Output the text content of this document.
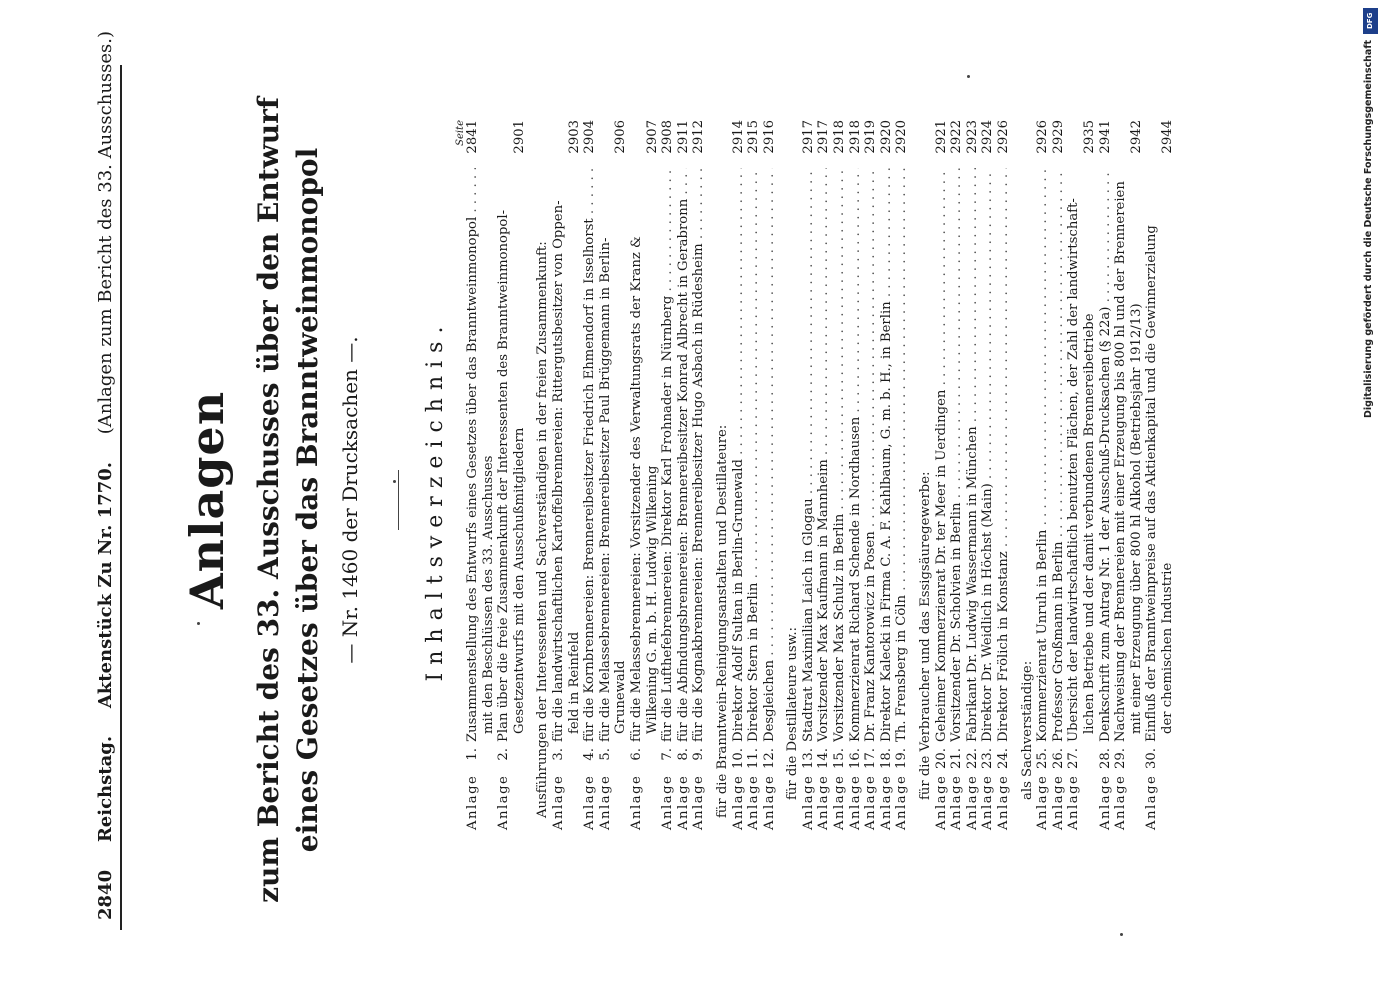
2840 Reichstag. Aktenstück Zu Nr. 1770. (Anlagen zum Bericht des 33. Ausschusses.)
Anlagen zum Bericht des 33. Ausschusses über den Entwurf eines Gesetzes über das Branntweinmonopol — Nr. 1460 der Drucksachen —.	Inhaltsverzeichnis.
Seite
Anlage
1.
Zusammenstellung des Entwurfs eines Gesetzes über das Branntweinmonopol . . .
2841
mit den Beschlüssen des 33. Ausschusses
Anlage
2.
Plan über die freie Zusammenkunft der Interessenten des Branntweinmonopol- Gesetzentwurfs mit den Ausschußmitgliedern
2901
Ausführungen der Interessenten und Sachverständigen in der freien Zusammenkunft: Anlage
3.
für die landwirtschaftlichen Kartoffelbrennereien: Rittergutsbesitzer von Oppen- feld in Reinfeld
2903
Anlage
4.
für die Kornbrennereien: Brennereibesitzer Friedrich Ehmendorf in Isselhorst . . .
2904
Anlage
5.
für die Melassebrennereien: Brennereibesitzer Paul Brüggemann in Berlin- Grunewald
2906
Anlage
6.
für die Melassebrennereien: Vorsitzender des Verwaltungsrats der Kranz & Wilkening G. m. b. H. Ludwig Wilkening
2907
Anlage
7.
für die Lufthefebrennereien: Direktor Karl Frohnader in Nürnberg . . .
2908
Anlage
8.
für die Abfindungsbrennereien: Brennereibesitzer Konrad Albrecht in Gerabronn . . .
2911
Anlage
9.
für die Kognakbrennereien: Brennereibesitzer Hugo Asbach in Rüdesheim . . .
2912
für die Branntwein-Reinigungsanstalten und Destillateure: Anlage
10.
Direktor Adolf Sultan in Berlin-Grunewald . . .
2914
Anlage
11.
Direktor Stern in Berlin . . .
2915
Anlage
12.
Desgleichen . . .
2916
für die Destillateure usw.:
Anlage
13.
Stadtrat Maximilian Laich in Glogau . . .
2917
Anlage
14.
Vorsitzender Max Kaufmann in Mannheim . . .
2917
Anlage
15.
Vorsitzender Max Schulz in Berlin . . .
2918
Anlage
16.
Kommerzienrat Richard Schende in Nordhausen . . .
2918
Anlage
17.
Dr. Franz Kantorowicz in Posen . . .
2919
Anlage
18.
Direktor Kalecki in Firma C. A. F. Kahlbaum, G. m. b. H., in Berlin . . .
2920
Anlage
19.
Th. Frensberg in Cöln . . .
2920
für die Verbraucher und das Essigsäuregewerbe:
Anlage
20.
Geheimer Kommerzienrat Dr. ter Meer in Uerdingen . . .
2921
Anlage
21.
Vorsitzender Dr. Scholvien in Berlin . . .
2922
Anlage
22.
Fabrikant Dr. Ludwig Wassermann in München . . .
2923
Anlage
23.
Direktor Dr. Weidlich in Höchst (Main) . . .
2924
Anlage
24.
Direktor Frölich in Konstanz . . .
2926
als Sachverständige:
Anlage
25.
Kommerzienrat Unruh in Berlin . . .
2926
Anlage
26.
Professor Großmann in Berlin . . .
2929
Anlage
27.
Übersicht der landwirtschaftlich benutzten Flächen, der Zahl der landwirtschaft- lichen Betriebe und der damit verbundenen Brennereibetriebe
2935
Anlage
28.
Denkschrift zum Antrag Nr. 1 der Ausschuß-Drucksachen (§ 22a) . . .
2941
Anlage
29.
Nachweisung der Brennereien mit einer Erzeugung bis 800 hl und der Brennereien mit einer Erzeugung über 800 hl Alkohol (Betriebsjahr 1912/13)
2942
Anlage
30.
Einfluß der Branntweinpreise auf das Aktienkapital und die Gewinnerzielung der chemischen Industrie
2944
DFG
Digitalisierung gefördert durch die Deutsche Forschungsgemeinschaft
